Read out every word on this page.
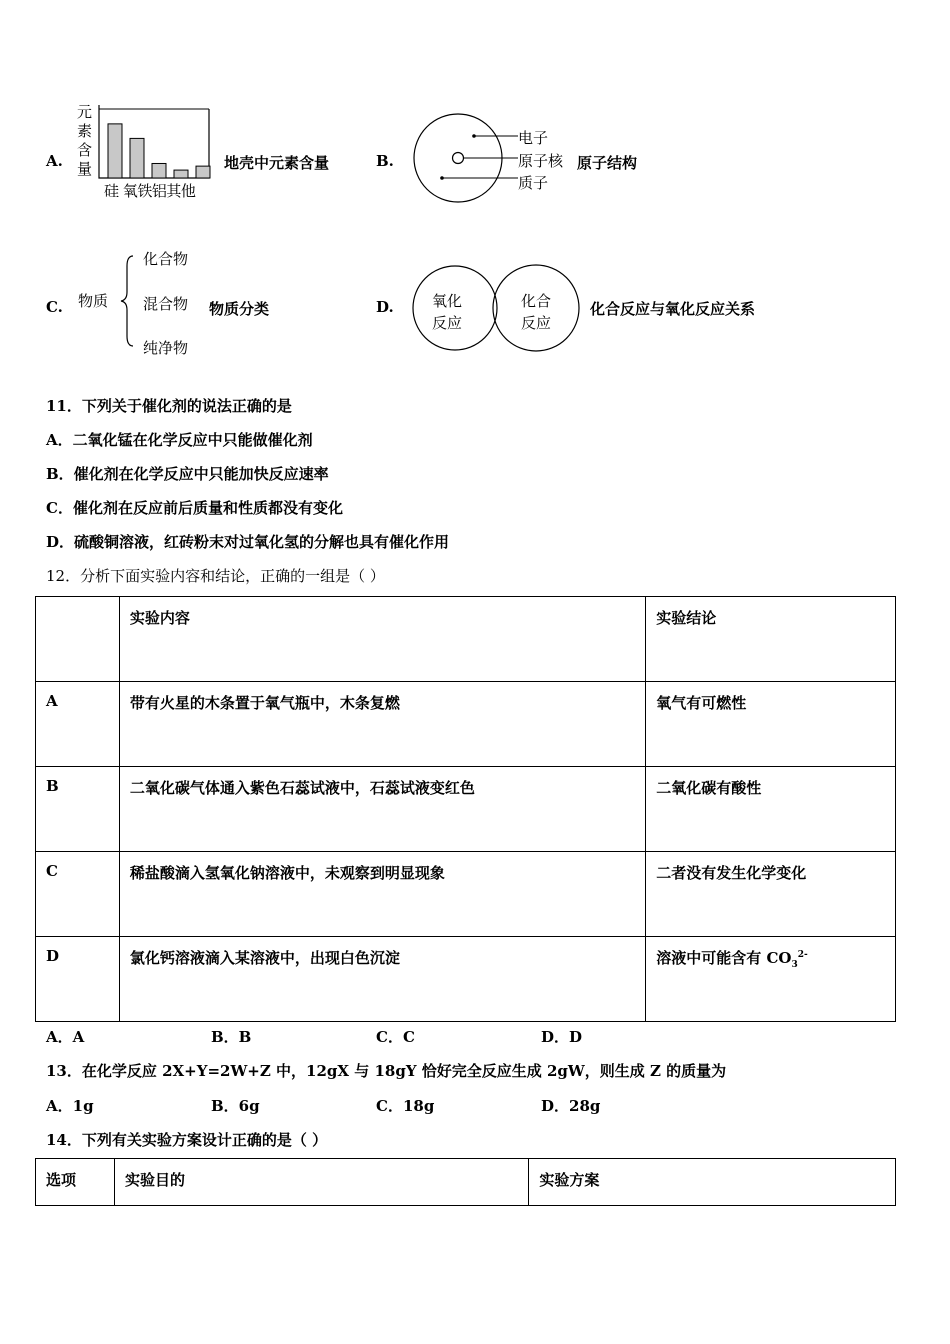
A.
元
素
含
量
硅 氧铁铝其他
地壳中元素含量	B.
电子
原子核
质子
原子结构
C. 物质
化合物
混合物
纯净物
物质分类	D.	氧化
反应
化合
反应
化合反应与氧化反应关系
11．下列关于催化剂的说法正确的是
A．二氧化锰在化学反应中只能做催化剂
B．催化剂在化学反应中只能加快反应速率
C．催化剂在反应前后质量和性质都没有变化
D．硫酸铜溶液，红砖粉末对过氧化氢的分解也具有催化作用
12．分析下面实验内容和结论，正确的一组是（ ）
	实验内容	实验结论
A	带有火星的木条置于氧气瓶中，木条复燃	氧气有可燃性
B	二氧化碳气体通入紫色石蕊试液中，石蕊试液变红色	二氧化碳有酸性
C	稀盐酸滴入氢氧化钠溶液中，未观察到明显现象	二者没有发生化学变化
D	氯化钙溶液滴入某溶液中，出现白色沉淀	溶液中可能含有 $CO_3^{2-}$
A．A	B．B	C．C	D．D
13．在化学反应 2X+Y=2W+Z 中，12gX 与 18gY 恰好完全反应生成 2gW，则生成 Z 的质量为
A．1g	B．6g	C．18g	D．28g
14．下列有关实验方案设计正确的是（ ）
选项	实验目的	实验方案
